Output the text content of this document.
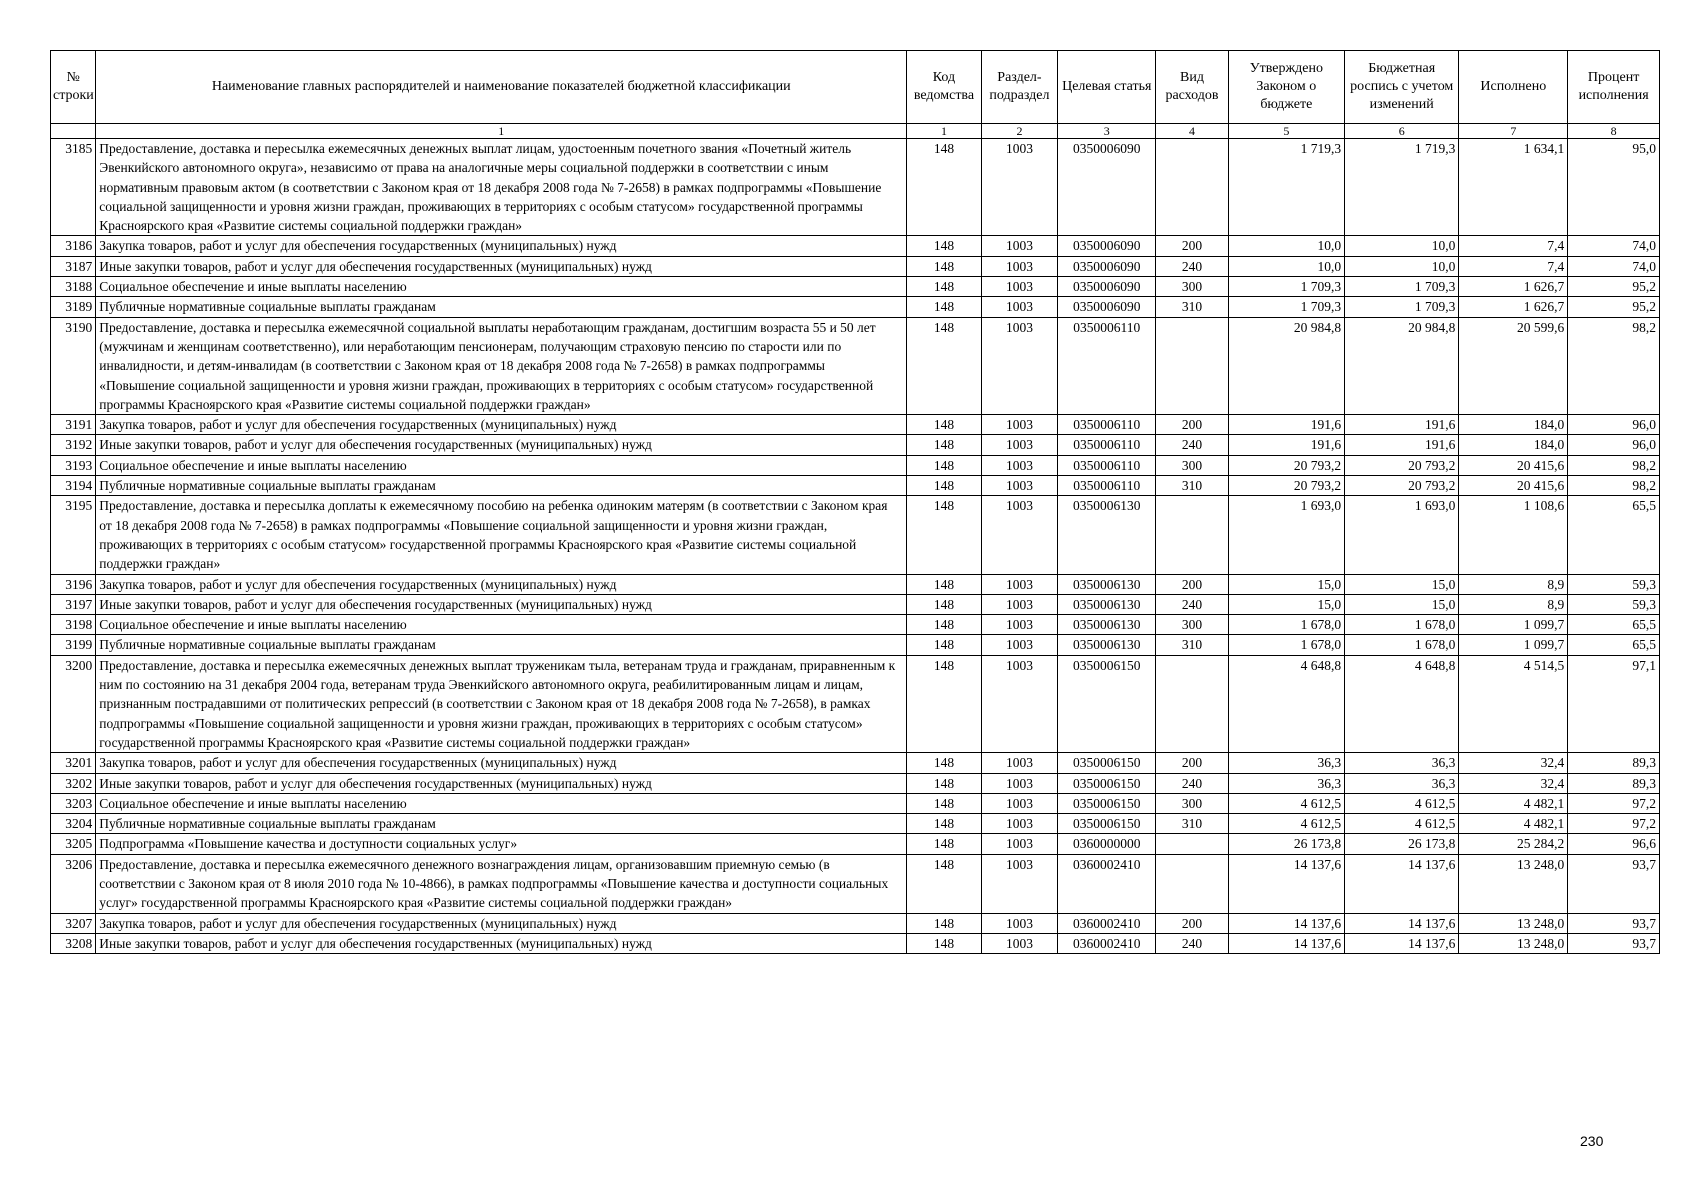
№ строки	Наименование главных распорядителей и наименование показателей бюджетной классификации	Код ведомства	Раздел-подраздел	Целевая статья	Вид расходов	Утверждено Законом о бюджете	Бюджетная роспись с учетом изменений	Исполнено	Процент исполнения
	1	1	2	3	4	5	6	7	8
3185	Предоставление, доставка и пересылка ежемесячных денежных выплат лицам, удостоенным почетного звания «Почетный житель Эвенкийского автономного округа», независимо от права на аналогичные меры социальной поддержки в соответствии с иным нормативным правовым актом (в соответствии с Законом края от 18 декабря 2008 года № 7-2658) в рамках подпрограммы «Повышение социальной защищенности и уровня жизни граждан, проживающих в территориях с особым статусом» государственной программы Красноярского края «Развитие системы социальной поддержки граждан»	148	1003	0350006090		1 719,3	1 719,3	1 634,1	95,0
3186	Закупка товаров, работ и услуг для обеспечения государственных (муниципальных) нужд	148	1003	0350006090	200	10,0	10,0	7,4	74,0
3187	Иные закупки товаров, работ и услуг для обеспечения государственных (муниципальных) нужд	148	1003	0350006090	240	10,0	10,0	7,4	74,0
3188	Социальное обеспечение и иные выплаты населению	148	1003	0350006090	300	1 709,3	1 709,3	1 626,7	95,2
3189	Публичные нормативные социальные выплаты гражданам	148	1003	0350006090	310	1 709,3	1 709,3	1 626,7	95,2
3190	Предоставление, доставка и пересылка ежемесячной социальной выплаты неработающим гражданам, достигшим возраста 55 и 50 лет (мужчинам и женщинам соответственно), или неработающим пенсионерам, получающим страховую пенсию по старости или по инвалидности, и детям-инвалидам (в соответствии с Законом края от 18 декабря 2008 года № 7-2658) в рамках подпрограммы «Повышение социальной защищенности и уровня жизни граждан, проживающих в территориях с особым статусом» государственной программы Красноярского края «Развитие системы социальной поддержки граждан»	148	1003	0350006110		20 984,8	20 984,8	20 599,6	98,2
3191	Закупка товаров, работ и услуг для обеспечения государственных (муниципальных) нужд	148	1003	0350006110	200	191,6	191,6	184,0	96,0
3192	Иные закупки товаров, работ и услуг для обеспечения государственных (муниципальных) нужд	148	1003	0350006110	240	191,6	191,6	184,0	96,0
3193	Социальное обеспечение и иные выплаты населению	148	1003	0350006110	300	20 793,2	20 793,2	20 415,6	98,2
3194	Публичные нормативные социальные выплаты гражданам	148	1003	0350006110	310	20 793,2	20 793,2	20 415,6	98,2
3195	Предоставление, доставка и пересылка доплаты к ежемесячному пособию на ребенка одиноким матерям (в соответствии с Законом края от 18 декабря 2008 года № 7-2658) в рамках подпрограммы «Повышение социальной защищенности и уровня жизни граждан, проживающих в территориях с особым статусом» государственной программы Красноярского края «Развитие системы социальной поддержки граждан»	148	1003	0350006130		1 693,0	1 693,0	1 108,6	65,5
3196	Закупка товаров, работ и услуг для обеспечения государственных (муниципальных) нужд	148	1003	0350006130	200	15,0	15,0	8,9	59,3
3197	Иные закупки товаров, работ и услуг для обеспечения государственных (муниципальных) нужд	148	1003	0350006130	240	15,0	15,0	8,9	59,3
3198	Социальное обеспечение и иные выплаты населению	148	1003	0350006130	300	1 678,0	1 678,0	1 099,7	65,5
3199	Публичные нормативные социальные выплаты гражданам	148	1003	0350006130	310	1 678,0	1 678,0	1 099,7	65,5
3200	Предоставление, доставка и пересылка ежемесячных денежных выплат труженикам тыла, ветеранам труда и гражданам, приравненным к ним по состоянию на 31 декабря 2004 года, ветеранам труда Эвенкийского автономного округа, реабилитированным лицам и лицам, признанным пострадавшими от политических репрессий (в соответствии с Законом края от 18 декабря 2008 года № 7-2658), в рамках подпрограммы «Повышение социальной защищенности и уровня жизни граждан, проживающих в территориях с особым статусом» государственной программы Красноярского края «Развитие системы социальной поддержки граждан»	148	1003	0350006150		4 648,8	4 648,8	4 514,5	97,1
3201	Закупка товаров, работ и услуг для обеспечения государственных (муниципальных) нужд	148	1003	0350006150	200	36,3	36,3	32,4	89,3
3202	Иные закупки товаров, работ и услуг для обеспечения государственных (муниципальных) нужд	148	1003	0350006150	240	36,3	36,3	32,4	89,3
3203	Социальное обеспечение и иные выплаты населению	148	1003	0350006150	300	4 612,5	4 612,5	4 482,1	97,2
3204	Публичные нормативные социальные выплаты гражданам	148	1003	0350006150	310	4 612,5	4 612,5	4 482,1	97,2
3205	Подпрограмма «Повышение качества и доступности социальных услуг»	148	1003	0360000000		26 173,8	26 173,8	25 284,2	96,6
3206	Предоставление, доставка и пересылка ежемесячного денежного вознаграждения лицам, организовавшим приемную семью (в соответствии с Законом края от 8 июля 2010 года № 10-4866), в рамках подпрограммы «Повышение качества и доступности социальных услуг» государственной программы Красноярского края «Развитие системы социальной поддержки граждан»	148	1003	0360002410		14 137,6	14 137,6	13 248,0	93,7
3207	Закупка товаров, работ и услуг для обеспечения государственных (муниципальных) нужд	148	1003	0360002410	200	14 137,6	14 137,6	13 248,0	93,7
3208	Иные закупки товаров, работ и услуг для обеспечения государственных (муниципальных) нужд	148	1003	0360002410	240	14 137,6	14 137,6	13 248,0	93,7
230
